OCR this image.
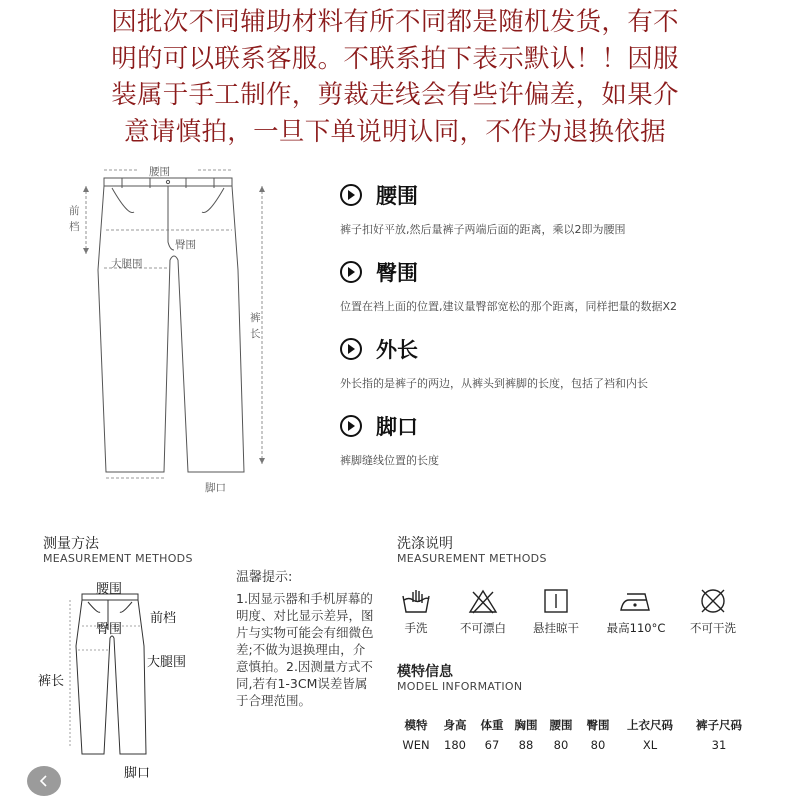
因批次不同辅助材料有所不同都是随机发货，有不
明的可以联系客服。不联系拍下表示默认！！因服
装属于手工制作，剪裁走线会有些许偏差，如果介
意请慎拍，一旦下单说明认同，不作为退换依据
腰围
前
档
臀围
大腿围
裤
长
脚口
腰围
裤子扣好平放,然后量裤子两端后面的距离，乘以2即为腰围
臀围
位置在裆上面的位置,建议量臀部宽松的那个距离，同样把量的数据X2
外长
外长指的是裤子的两边，从裤头到裤脚的长度，包括了裆和内长
脚口
裤脚缝线位置的长度
测量方法
MEASUREMENT METHODS
腰围
前档
臀围
大腿围
裤长
脚口
温馨提示:
1.因显示器和手机屏幕的明度、对比显示差异，图片与实物可能会有细微色差;不做为退换理由，介意慎拍。2.因测量方式不同,若有1-3CM误差皆属于合理范围。
洗涤说明
MEASUREMENT METHODS
手洗	不可漂白	悬挂晾干	最高110°C	不可干洗
模特信息
MODEL INFORMATION
模特	身高	体重	胸围	腰围	臀围	上衣尺码	裤子尺码
WEN	180	67	88	80	80	XL	31
